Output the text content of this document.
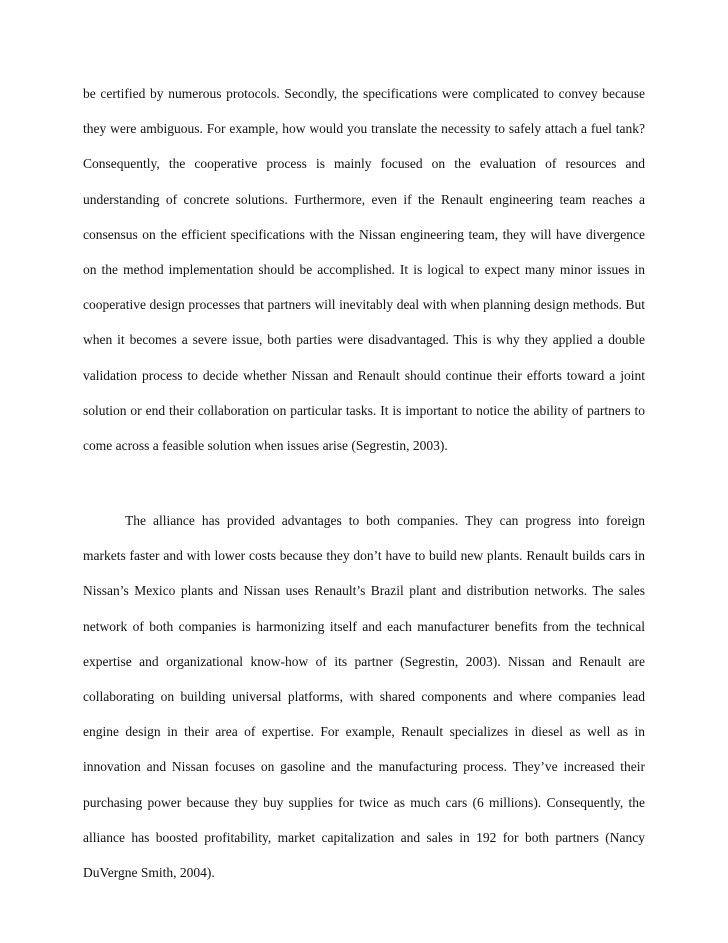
be certified by numerous protocols. Secondly, the specifications were complicated to convey because they were ambiguous. For example, how would you translate the necessity to safely attach a fuel tank? Consequently, the cooperative process is mainly focused on the evaluation of resources and understanding of concrete solutions. Furthermore, even if the Renault engineering team reaches a consensus on the efficient specifications with the Nissan engineering team, they will have divergence on the method implementation should be accomplished. It is logical to expect many minor issues in cooperative design processes that partners will inevitably deal with when planning design methods. But when it becomes a severe issue, both parties were disadvantaged. This is why they applied a double validation process to decide whether Nissan and Renault should continue their efforts toward a joint solution or end their collaboration on particular tasks. It is important to notice the ability of partners to come across a feasible solution when issues arise (Segrestin, 2003).

The alliance has provided advantages to both companies. They can progress into foreign markets faster and with lower costs because they don’t have to build new plants. Renault builds cars in Nissan’s Mexico plants and Nissan uses Renault’s Brazil plant and distribution networks. The sales network of both companies is harmonizing itself and each manufacturer benefits from the technical expertise and organizational know-how of its partner (Segrestin, 2003). Nissan and Renault are collaborating on building universal platforms, with shared components and where companies lead engine design in their area of expertise. For example, Renault specializes in diesel as well as in innovation and Nissan focuses on gasoline and the manufacturing process. They’ve increased their purchasing power because they buy supplies for twice as much cars (6 millions). Consequently, the alliance has boosted profitability, market capitalization and sales in 192 for both partners (Nancy DuVergne Smith, 2004).
